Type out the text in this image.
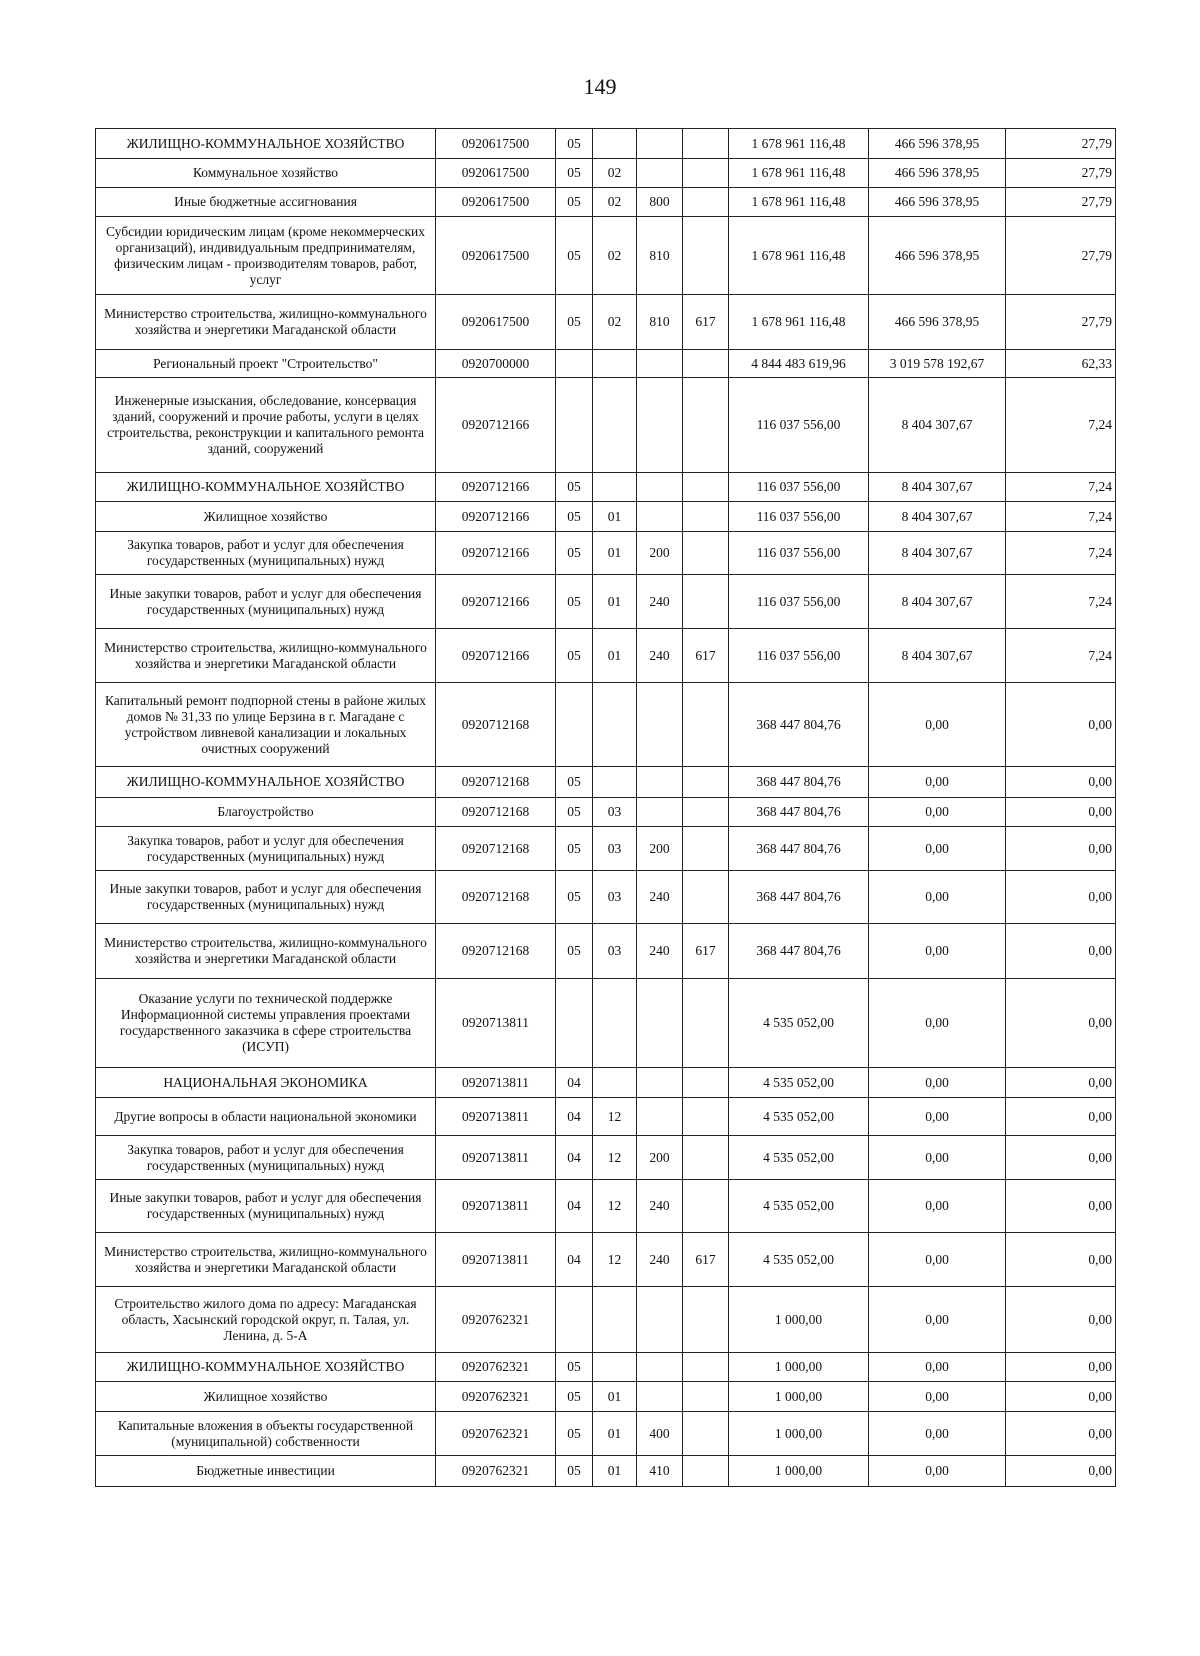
149
ЖИЛИЩНО-КОММУНАЛЬНОЕ ХОЗЯЙСТВО	0920617500	05				1 678 961 116,48	466 596 378,95	27,79
Коммунальное хозяйство	0920617500	05	02			1 678 961 116,48	466 596 378,95	27,79
Иные бюджетные ассигнования	0920617500	05	02	800		1 678 961 116,48	466 596 378,95	27,79
Субсидии юридическим лицам (кроме некоммерческих организаций), индивидуальным предпринимателям, физическим лицам - производителям товаров, работ, услуг	0920617500	05	02	810		1 678 961 116,48	466 596 378,95	27,79
Министерство строительства, жилищно-коммунального хозяйства и энергетики Магаданской области	0920617500	05	02	810	617	1 678 961 116,48	466 596 378,95	27,79
Региональный проект "Строительство"	0920700000					4 844 483 619,96	3 019 578 192,67	62,33
Инженерные изыскания, обследование, консервация зданий, сооружений и прочие работы, услуги в целях строительства, реконструкции и капитального ремонта зданий, сооружений	0920712166					116 037 556,00	8 404 307,67	7,24
ЖИЛИЩНО-КОММУНАЛЬНОЕ ХОЗЯЙСТВО	0920712166	05				116 037 556,00	8 404 307,67	7,24
Жилищное хозяйство	0920712166	05	01			116 037 556,00	8 404 307,67	7,24
Закупка товаров, работ и услуг для обеспечения государственных (муниципальных) нужд	0920712166	05	01	200		116 037 556,00	8 404 307,67	7,24
Иные закупки товаров, работ и услуг для обеспечения государственных (муниципальных) нужд	0920712166	05	01	240		116 037 556,00	8 404 307,67	7,24
Министерство строительства, жилищно-коммунального хозяйства и энергетики Магаданской области	0920712166	05	01	240	617	116 037 556,00	8 404 307,67	7,24
Капитальный ремонт подпорной стены в районе жилых домов № 31,33 по улице Берзина в г. Магадане с устройством ливневой канализации и локальных очистных сооружений	0920712168					368 447 804,76	0,00	0,00
ЖИЛИЩНО-КОММУНАЛЬНОЕ ХОЗЯЙСТВО	0920712168	05				368 447 804,76	0,00	0,00
Благоустройство	0920712168	05	03			368 447 804,76	0,00	0,00
Закупка товаров, работ и услуг для обеспечения государственных (муниципальных) нужд	0920712168	05	03	200		368 447 804,76	0,00	0,00
Иные закупки товаров, работ и услуг для обеспечения государственных (муниципальных) нужд	0920712168	05	03	240		368 447 804,76	0,00	0,00
Министерство строительства, жилищно-коммунального хозяйства и энергетики Магаданской области	0920712168	05	03	240	617	368 447 804,76	0,00	0,00
Оказание услуги по технической поддержке Информационной системы управления проектами государственного заказчика в сфере строительства (ИСУП)	0920713811					4 535 052,00	0,00	0,00
НАЦИОНАЛЬНАЯ ЭКОНОМИКА	0920713811	04				4 535 052,00	0,00	0,00
Другие вопросы в области национальной экономики	0920713811	04	12			4 535 052,00	0,00	0,00
Закупка товаров, работ и услуг для обеспечения государственных (муниципальных) нужд	0920713811	04	12	200		4 535 052,00	0,00	0,00
Иные закупки товаров, работ и услуг для обеспечения государственных (муниципальных) нужд	0920713811	04	12	240		4 535 052,00	0,00	0,00
Министерство строительства, жилищно-коммунального хозяйства и энергетики Магаданской области	0920713811	04	12	240	617	4 535 052,00	0,00	0,00
Строительство жилого дома по адресу: Магаданская область, Хасынский городской округ, п. Талая, ул. Ленина, д. 5-А	0920762321					1 000,00	0,00	0,00
ЖИЛИЩНО-КОММУНАЛЬНОЕ ХОЗЯЙСТВО	0920762321	05				1 000,00	0,00	0,00
Жилищное хозяйство	0920762321	05	01			1 000,00	0,00	0,00
Капитальные вложения в объекты государственной (муниципальной) собственности	0920762321	05	01	400		1 000,00	0,00	0,00
Бюджетные инвестиции	0920762321	05	01	410		1 000,00	0,00	0,00
